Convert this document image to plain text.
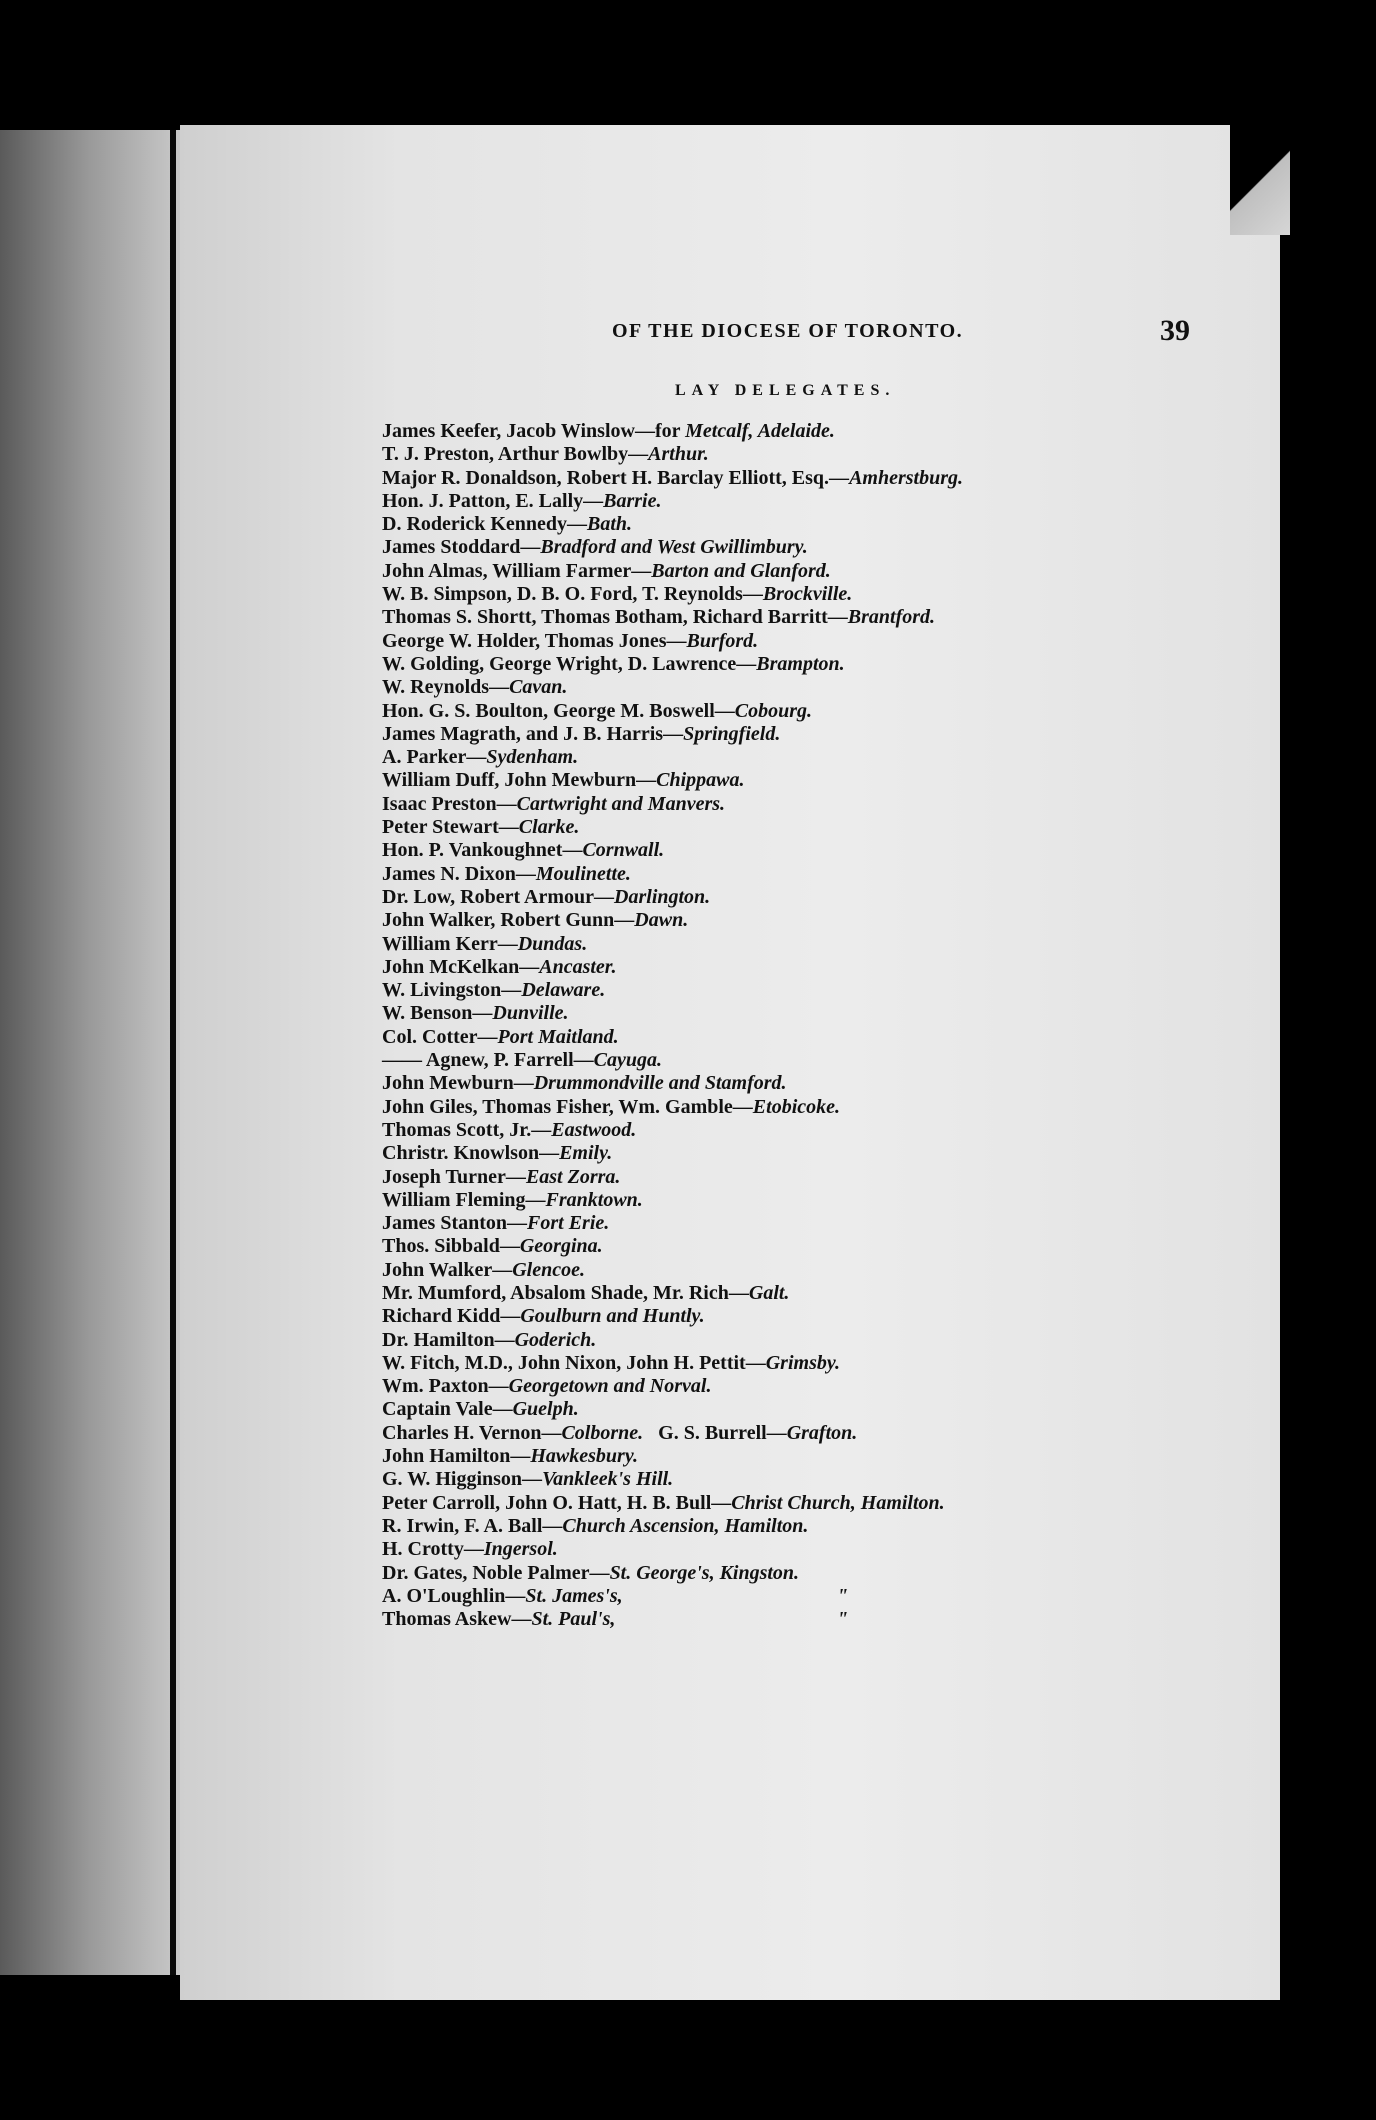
OF THE DIOCESE OF TORONTO.	39
LAY DELEGATES.
James Keefer, Jacob Winslow—for Metcalf, Adelaide.
T. J. Preston, Arthur Bowlby—Arthur.
Major R. Donaldson, Robert H. Barclay Elliott, Esq.—Amherstburg.
Hon. J. Patton, E. Lally—Barrie.
D. Roderick Kennedy—Bath.
James Stoddard—Bradford and West Gwillimbury.
John Almas, William Farmer—Barton and Glanford.
W. B. Simpson, D. B. O. Ford, T. Reynolds—Brockville.
Thomas S. Shortt, Thomas Botham, Richard Barritt—Brantford.
George W. Holder, Thomas Jones—Burford.
W. Golding, George Wright, D. Lawrence—Brampton.
W. Reynolds—Cavan.
Hon. G. S. Boulton, George M. Boswell—Cobourg.
James Magrath, and J. B. Harris—Springfield.
A. Parker—Sydenham.
William Duff, John Mewburn—Chippawa.
Isaac Preston—Cartwright and Manvers.
Peter Stewart—Clarke.
Hon. P. Vankoughnet—Cornwall.
James N. Dixon—Moulinette.
Dr. Low, Robert Armour—Darlington.
John Walker, Robert Gunn—Dawn.
William Kerr—Dundas.
John McKelkan—Ancaster.
W. Livingston—Delaware.
W. Benson—Dunville.
Col. Cotter—Port Maitland.
—— Agnew, P. Farrell—Cayuga.
John Mewburn—Drummondville and Stamford.
John Giles, Thomas Fisher, Wm. Gamble—Etobicoke.
Thomas Scott, Jr.—Eastwood.
Christr. Knowlson—Emily.
Joseph Turner—East Zorra.
William Fleming—Franktown.
James Stanton—Fort Erie.
Thos. Sibbald—Georgina.
John Walker—Glencoe.
Mr. Mumford, Absalom Shade, Mr. Rich—Galt.
Richard Kidd—Goulburn and Huntly.
Dr. Hamilton—Goderich.
W. Fitch, M.D., John Nixon, John H. Pettit—Grimsby.
Wm. Paxton—Georgetown and Norval.
Captain Vale—Guelph.
Charles H. Vernon—Colborne.   G. S. Burrell—Grafton.
John Hamilton—Hawkesbury.
G. W. Higginson—Vankleek's Hill.
Peter Carroll, John O. Hatt, H. B. Bull—Christ Church, Hamilton.
R. Irwin, F. A. Ball—Church Ascension, Hamilton.
H. Crotty—Ingersol.
Dr. Gates, Noble Palmer—St. George's, Kingston.
A. O'Loughlin—St. James's,	"
Thomas Askew—St. Paul's,	"
